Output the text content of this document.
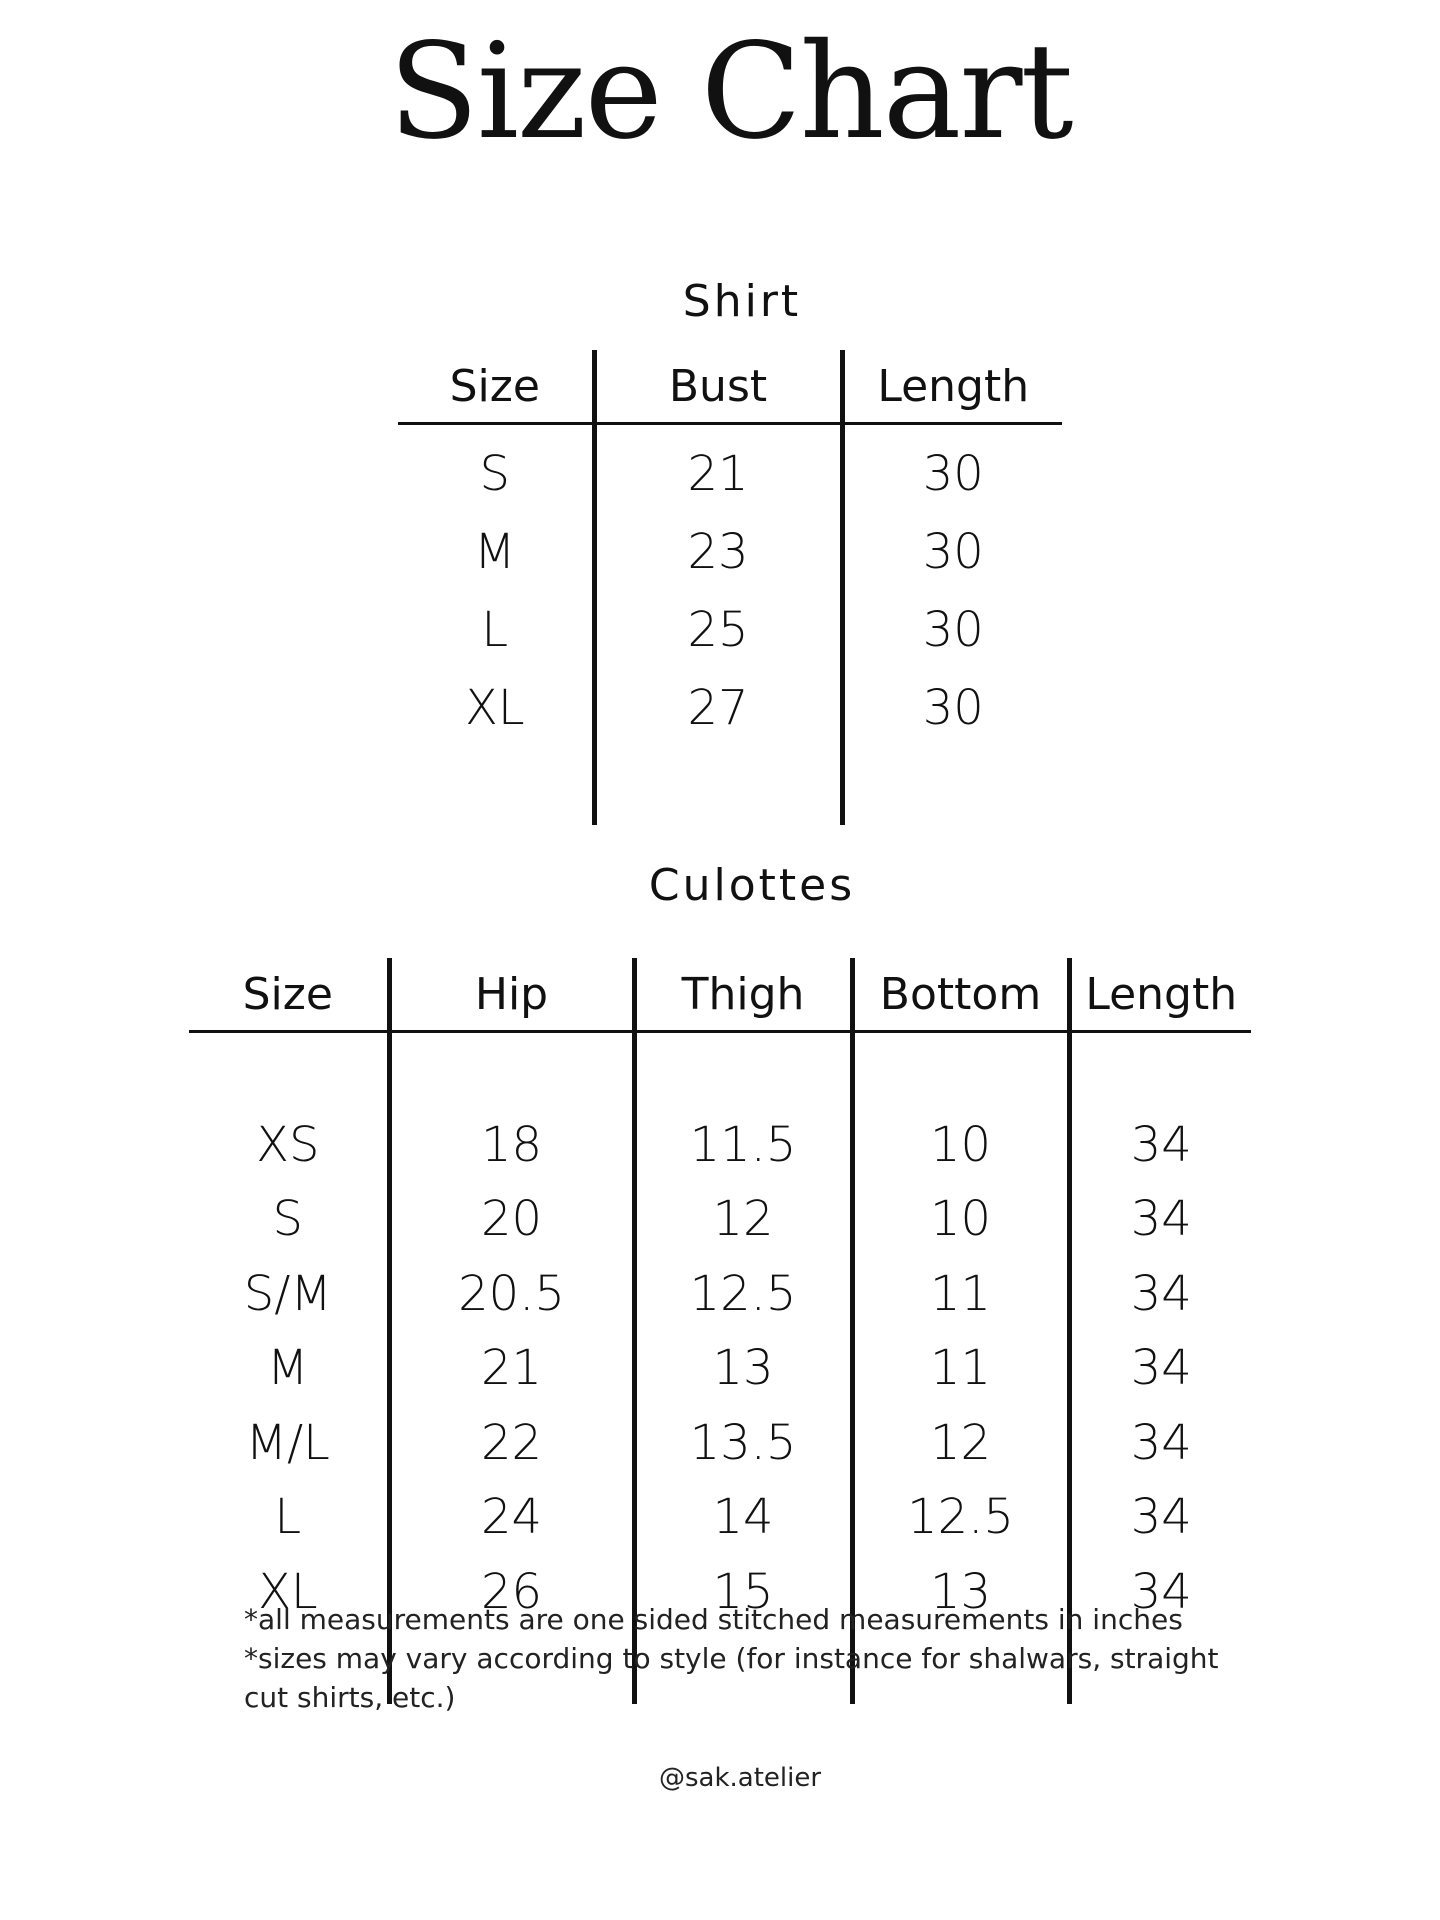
Size Chart
Shirt
Size	Bust	Length

S	21	30
M	23	30
L	25	30
XL	27	30

Culottes
Size	Hip	Thigh	Bottom	Length

XS	18	11.5	10	34
S	20	12	10	34
S/M	20.5	12.5	11	34
M	21	13	11	34
M/L	22	13.5	12	34
L	24	14	12.5	34
XL	26	15	13	34

*all measurements are one sided stitched measurements in inches

*sizes may vary according to style (for instance for shalwars, straight cut shirts, etc.)

@sak.atelier
